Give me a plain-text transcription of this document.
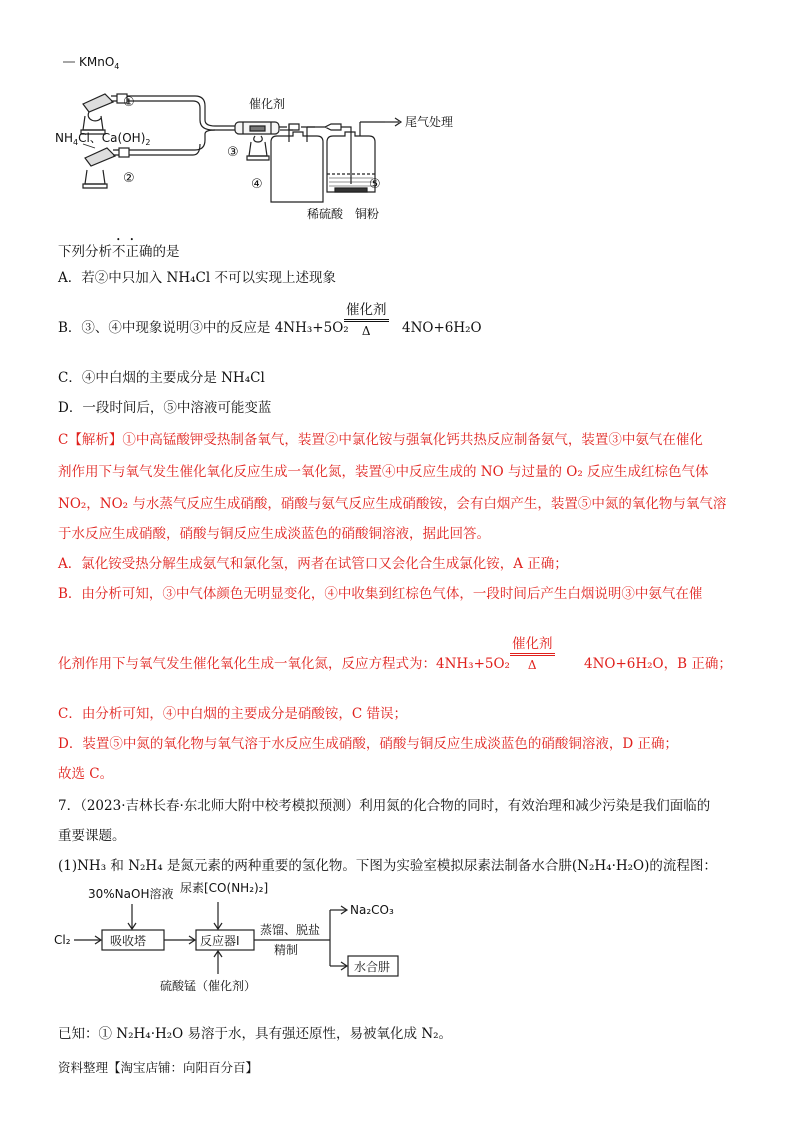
KMnO$_4$
$NH_4Cl$、$Ca(OH)_2$
①
②
③
催化剂
④	⑤
尾气处理
稀硫酸 铜粉
下列分析不正确的是
A．若②中只加入 NH₄Cl 不可以实现上述现象
B．③、④中现象说明③中的反应是 4NH₃+5O₂
催化剂
Δ	4NO+6H₂O
C．④中白烟的主要成分是 NH₄Cl
D．一段时间后，⑤中溶液可能变蓝
C【解析】①中高锰酸钾受热制备氧气，装置②中氯化铵与强氧化钙共热反应制备氨气，装置③中氨气在催化
剂作用下与氧气发生催化氧化反应生成一氧化氮，装置④中反应生成的 NO 与过量的 O₂ 反应生成红棕色气体
NO₂，NO₂ 与水蒸气反应生成硝酸，硝酸与氨气反应生成硝酸铵，会有白烟产生，装置⑤中氮的氧化物与氧气溶
于水反应生成硝酸，硝酸与铜反应生成淡蓝色的硝酸铜溶液，据此回答。
A．氯化铵受热分解生成氨气和氯化氢，两者在试管口又会化合生成氯化铵，A 正确；
B．由分析可知，③中气体颜色无明显变化，④中收集到红棕色气体，一段时间后产生白烟说明③中氨气在催
化剂作用下与氧气发生催化氧化生成一氧化氮，反应方程式为：4NH₃+5O₂
催化剂
Δ	4NO+6H₂O，B 正确；
C．由分析可知，④中白烟的主要成分是硝酸铵，C 错误；
D．装置⑤中氮的氧化物与氧气溶于水反应生成硝酸，硝酸与铜反应生成淡蓝色的硝酸铜溶液，D 正确；
故选 C。
7．（2023·吉林长春·东北师大附中校考模拟预测）利用氮的化合物的同时，有效治理和减少污染是我们面临的
重要课题。
(1)NH₃ 和 N₂H₄ 是氮元素的两种重要的氢化物。下图为实验室模拟尿素法制备水合肼(N₂H₄·H₂O)的流程图：
30%NaOH溶液 尿素[CO(NH₂)₂]
Cl₂	吸收塔	反应器I
蒸馏、脱盐
精制
Na₂CO₃
水合肼
硫酸锰（催化剂）
已知：① N₂H₄·H₂O 易溶于水，具有强还原性，易被氧化成 N₂。
资料整理【淘宝店铺：向阳百分百】
